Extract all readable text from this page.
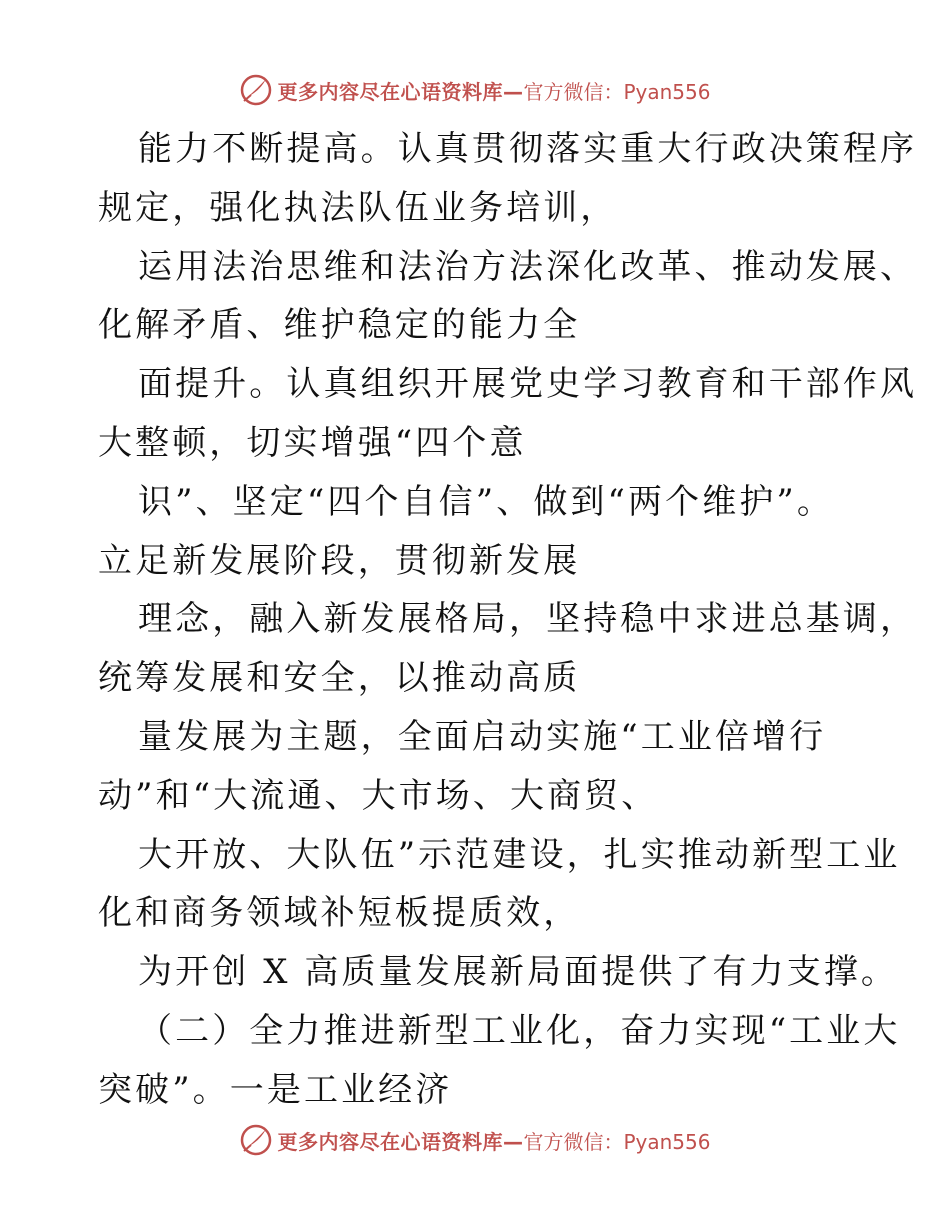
更多内容尽在心语资料库— 官方微信：Pyan556

能力不断提高。认真贯彻落实重大行政决策程序

规定，强化执法队伍业务培训，

运用法治思维和法治方法深化改革、推动发展、

化解矛盾、维护稳定的能力全

面提升。认真组织开展党史学习教育和干部作风

大整顿，切实增强“四个意

识”、坚定“四个自信”、做到“两个维护”。

立足新发展阶段，贯彻新发展

理念，融入新发展格局，坚持稳中求进总基调，

统筹发展和安全，以推动高质

量发展为主题，全面启动实施“工业倍增行

动”和“大流通、大市场、大商贸、

大开放、大队伍”示范建设，扎实推动新型工业

化和商务领域补短板提质效，

为开创 X 高质量发展新局面提供了有力支撑。

（二）全力推进新型工业化，奋力实现“工业大

突破”。一是工业经济

更多内容尽在心语资料库— 官方微信：Pyan556
